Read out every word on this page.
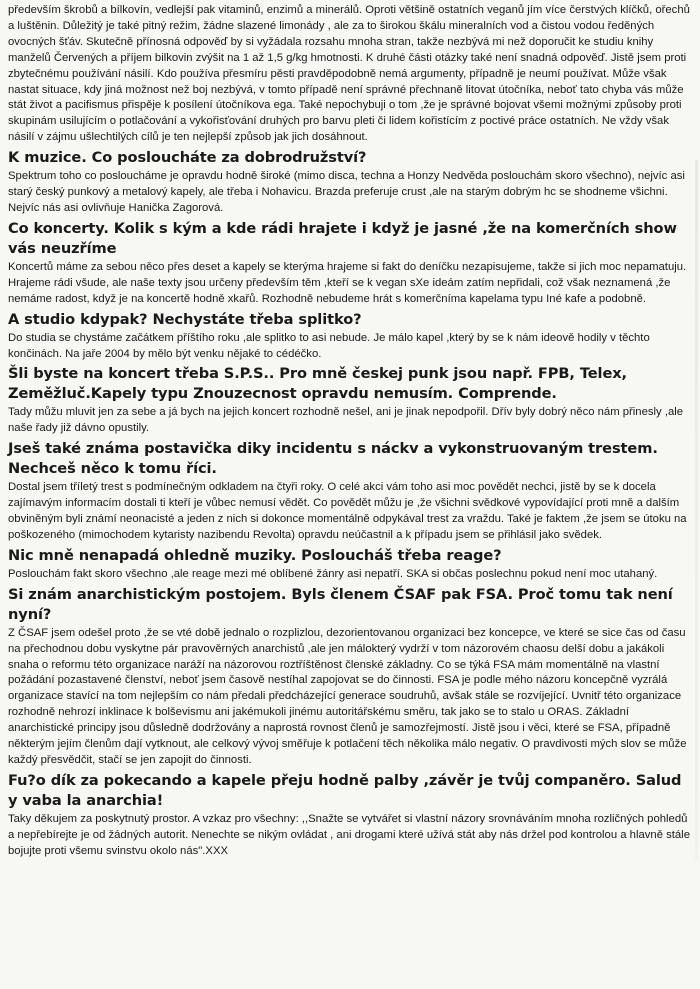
především škrobů a bílkovín, vedlejší pak vitaminů, enzimů a minerálů. Oproti většině ostatních veganů jím více čerstvých klíčků, ořechů a luštěnin. Důležitý je také pitný režim, žádne slazené limonády , ale za to širokou škálu mineralních vod a čistou vodou ředěných ovocných šťáv. Skutečně přínosná odpověď by si vyžádala rozsahu mnoha stran, takže nezbývá mi než doporučit ke studiu knihy manželů Červených a příjem bilkovin zvýšit na 1 až 1,5 g/kg hmotnosti. K druhé části otázky také není snadná odpověď. Jistě jsem proti zbytečnému používání násilí. Kdo používa přesmíru pěsti pravděpodobně nemá argumenty, případně je neumí používat. Může však nastat situace, kdy jiná možnost než boj nezbývá, v tomto případě není správné přechnaně litovat útočníka, neboť tato chyba vás může stát život a pacifismus přispěje k posílení útočníkova ega. Také nepochybuji o tom ,že je správné bojovat všemi možnými způsoby proti skupinám usilujícím o potlačování a vykořisťování druhých pro barvu pleti či lidem kořistícím z poctivé práce ostatních. Ne vždy však násilí v zájmu ušlechtilých cílů je ten nejlepší způsob jak jich dosáhnout.

K muzice. Co posloucháte za dobrodružství?

Spektrum toho co posloucháme je opravdu hodně široké (mimo disca, techna a Honzy Nedvěda poslouchám skoro všechno), nejvíc asi starý český punkový a metalový kapely, ale třeba i Nohavicu. Brazda preferuje crust ,ale na starým dobrým hc se shodneme všichni. Nejvíc nás asi ovlivňuje Hanička Zagorová.

Co koncerty. Kolik s kým a kde rádi hrajete i když je jasné ,že na komerčních show vás neuzříme

Koncertů máme za sebou něco přes deset a kapely se kterýma hrajeme si fakt do deníčku nezapisujeme, takže si jich moc nepamatuju. Hrajeme rádi všude, ale naše texty jsou určeny především těm ,kteří se k vegan sXe ideám zatím nepřidali, což však neznamená ,že nemáme radost, když je na koncertě hodně xkařů. Rozhodně nebudeme hrát s komerčníma kapelama typu Iné kafe a podobně.

A studio kdypak? Nechystáte třeba splitko?

Do studia se chystáme začátkem příštího roku ,ale splitko to asi nebude. Je málo kapel ,který by se k nám ideově hodily v těchto končinách. Na jaře 2004 by mělo být venku nějaké to cédéčko.

Šli byste na koncert třeba S.P.S.. Pro mně českej punk jsou např. FPB, Telex, Zeměžluč.Kapely typu Znouzecnost opravdu nemusím. Comprende.

Tady můžu mluvit jen za sebe a já bych na jejich koncert rozhodně nešel, ani je jinak nepodpořil. Dřív byly dobrý něco nám přinesly ,ale naše řady již dávno opustily.

Jseš také známa postavička diky incidentu s náckv a vykonstruovaným trestem. Nechceš něco k tomu říci.

Dostal jsem tříletý trest s podmínečným odkladem na čtyři roky. O celé akci vám toho asi moc povědět nechci, jistě by se k docela zajímavým informacím dostali ti kteří je vůbec nemusí vědět. Co povědět můžu je ,že všichni svědkové vypovídající proti mně a dalším obviněným byli známí neonacisté a jeden z nich si dokonce momentálně odpykával trest za vraždu. Také je faktem ,že jsem se útoku na poškozeného (mimochodem kytaristy nazibendu Revolta) opravdu neúčastnil a k případu jsem se přihlásil jako svědek.

Nic mně nenapadá ohledně muziky. Posloucháš třeba reage?

Poslouchám fakt skoro všechno ,ale reage mezi mé oblíbené žánry asi nepatří. SKA si občas poslechnu pokud není moc utahaný.

Si znám anarchistickým postojem. Byls členem ČSAF pak FSA. Proč tomu tak není nyní?

Z ČSAF jsem odešel proto ,že se vté době jednalo o rozplizlou, dezorientovanou organizaci bez koncepce, ve které se sice čas od času na přechodnou dobu vyskytne pár pravověrných anarchistů ,ale jen málokterý vydrží v tom názorovém chaosu delší dobu a jakákoli snaha o reformu této organizace naráží na názorovou roztříštěnost členské základny. Co se týká FSA mám momentálně na vlastní požádání pozastavené členství, neboť jsem časově nestíhal zapojovat se do činnosti. FSA je podle mého názoru koncepčně vyzrálá organizace stavící na tom nejlepším co nám předali předcházející generace soudruhů, avšak stále se rozvíjející. Uvnitř této organizace rozhodně nehrozí inklinace k bolševismu ani jakémukoli jinému autoritářskému směru, tak jako se to stalo u ORAS. Základní anarchistické principy jsou důsledně dodržovány a naprostá rovnost členů je samozřejmostí. Jistě jsou i věci, které se FSA, případně některým jejím členům dají vytknout, ale celkový vývoj směřuje k potlačení těch několika málo negativ. O pravdivosti mých slov se může každý přesvědčit, stačí se jen zapojit do činnosti.

Fu?o dík za pokecando a kapele přeju hodně palby ,závěr je tvůj companěro. Salud y vaba la anarchia!

Taky děkujem za poskytnutý prostor. A vzkaz pro všechny: ,,Snažte se vytvářet si vlastní názory srovnáváním mnoha rozličných pohledů a nepřebírejte je od žádných autorit. Nenechte se nikým ovládat , ani drogami které užívá stát aby nás držel pod kontrolou a hlavně stále bojujte proti všemu svinstvu okolo nás".XXX
